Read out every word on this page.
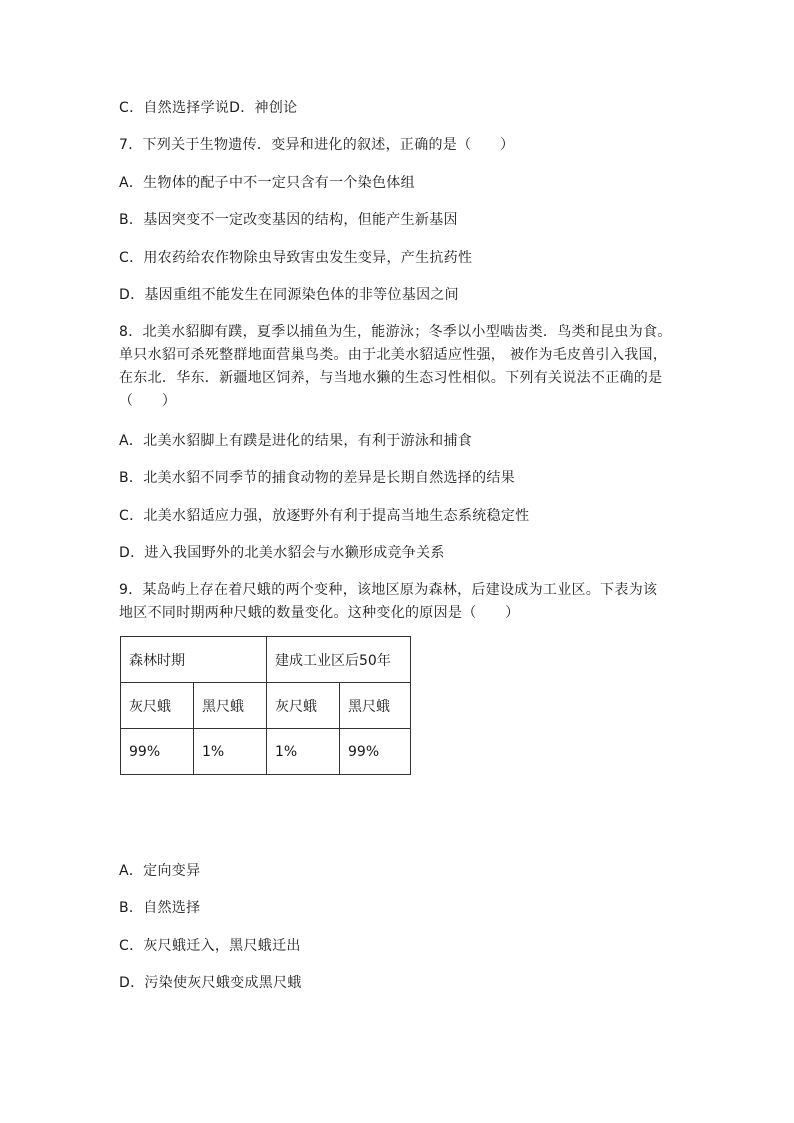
C．自然选择学说D．神创论
7．下列关于生物遗传．变异和进化的叙述，正确的是（　　）
A．生物体的配子中不一定只含有一个染色体组
B．基因突变不一定改变基因的结构，但能产生新基因
C．用农药给农作物除虫导致害虫发生变异，产生抗药性
D．基因重组不能发生在同源染色体的非等位基因之间
8．北美水貂脚有蹼，夏季以捕鱼为生，能游泳；冬季以小型啮齿类．鸟类和昆虫为食。
单只水貂可杀死整群地面营巢鸟类。由于北美水貂适应性强， 被作为毛皮兽引入我国，
在东北．华东．新疆地区饲养，与当地水獭的生态习性相似。下列有关说法不正确的是
（　　）
A．北美水貂脚上有蹼是进化的结果，有利于游泳和捕食
B．北美水貂不同季节的捕食动物的差异是长期自然选择的结果
C．北美水貂适应力强，放逐野外有利于提高当地生态系统稳定性
D．进入我国野外的北美水貂会与水獭形成竞争关系
9．某岛屿上存在着尺蛾的两个变种，该地区原为森林，后建设成为工业区。下表为该
地区不同时期两种尺蛾的数量变化。这种变化的原因是（　　）
森林时期		建成工业区后50年	
灰尺蛾	黑尺蛾	灰尺蛾	黑尺蛾
99%	1%	1%	99%
A．定向变异
B．自然选择
C．灰尺蛾迁入，黑尺蛾迁出
D．污染使灰尺蛾变成黑尺蛾
